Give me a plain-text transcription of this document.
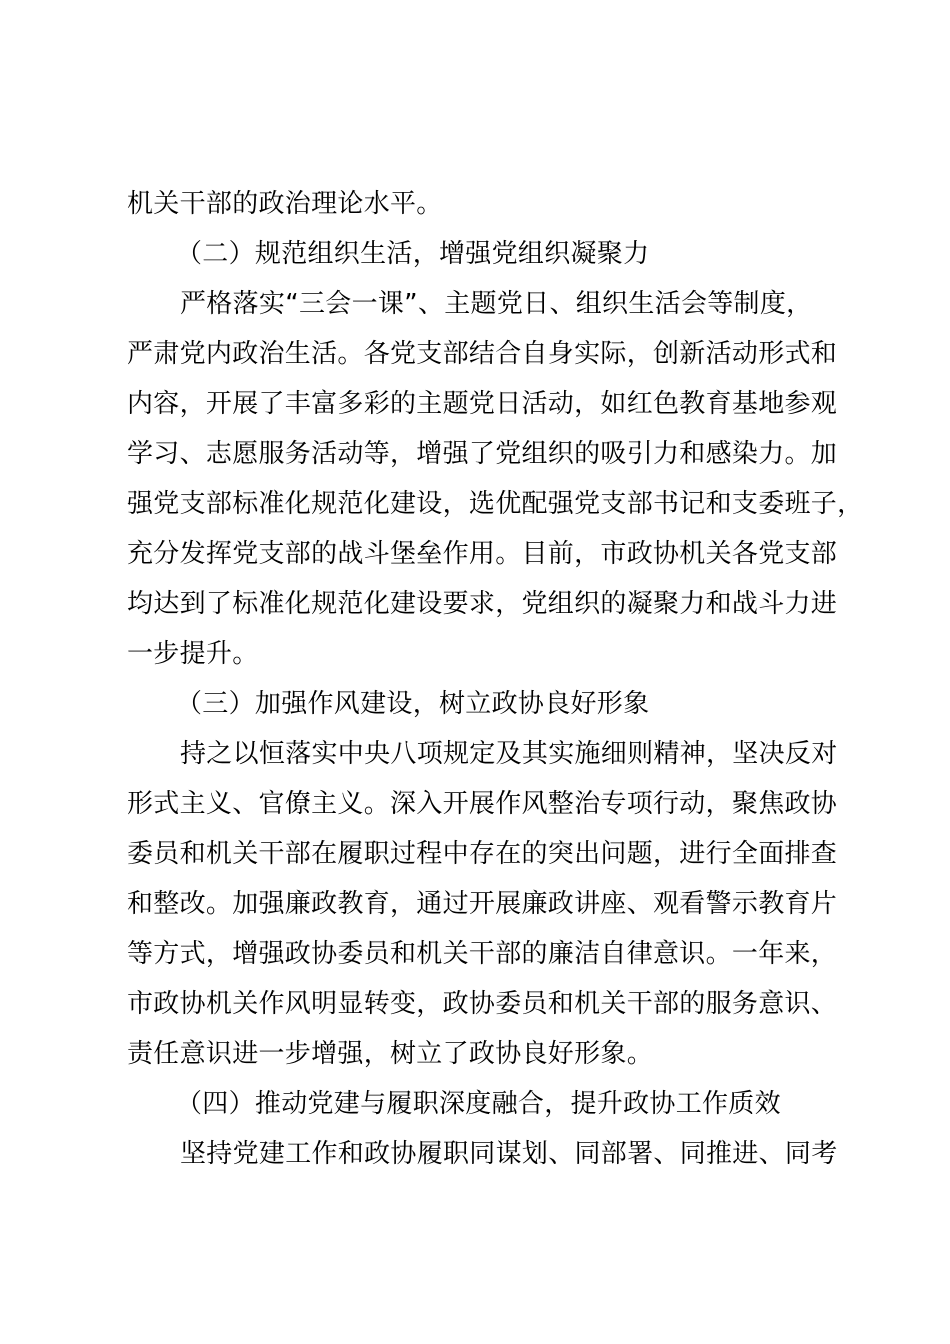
机关干部的政治理论水平。
（二）规范组织生活，增强党组织凝聚力
严格落实“三会一课”、主题党日、组织生活会等制度，
严肃党内政治生活。各党支部结合自身实际，创新活动形式和
内容，开展了丰富多彩的主题党日活动，如红色教育基地参观
学习、志愿服务活动等，增强了党组织的吸引力和感染力。加
强党支部标准化规范化建设，选优配强党支部书记和支委班子，
充分发挥党支部的战斗堡垒作用。目前，市政协机关各党支部
均达到了标准化规范化建设要求，党组织的凝聚力和战斗力进
一步提升。
（三）加强作风建设，树立政协良好形象
持之以恒落实中央八项规定及其实施细则精神，坚决反对
形式主义、官僚主义。深入开展作风整治专项行动，聚焦政协
委员和机关干部在履职过程中存在的突出问题，进行全面排查
和整改。加强廉政教育，通过开展廉政讲座、观看警示教育片
等方式，增强政协委员和机关干部的廉洁自律意识。一年来，
市政协机关作风明显转变，政协委员和机关干部的服务意识、
责任意识进一步增强，树立了政协良好形象。
（四）推动党建与履职深度融合，提升政协工作质效
坚持党建工作和政协履职同谋划、同部署、同推进、同考
